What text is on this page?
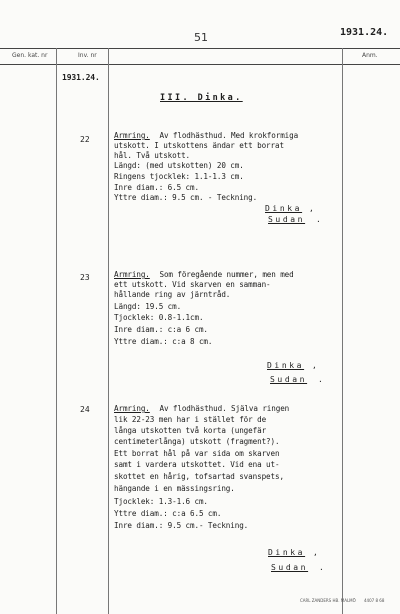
51	1931.24.
Gen. kat. nr	Inv. nr	Anm.
1931.24.
III. Dinka.
22	Armring. Av flodhästhud. Med krokformiga
utskott. I utskottens ändar ett borrat
hål. Två utskott.
Längd: (med utskotten) 20 cm.
Ringens tjocklek: 1.1-1.3 cm.
Inre diam.: 6.5 cm.
Yttre diam.: 9.5 cm. - Teckning.
Dinka ,
Sudan .
23	Armring. Som föregående nummer, men med
ett utskott. Vid skarven en samman-
hållande ring av järntråd.
Längd: 19.5 cm.
Tjocklek: 0.8-1.1cm.
Inre diam.: c:a 6 cm.
Yttre diam.: c:a 8 cm.
Dinka ,
Sudan .
24	Armring. Av flodhästhud. Själva ringen
lik 22-23 men har i stället för de
långa utskotten två korta (ungefär
centimeterlånga) utskott (fragment?).
Ett borrat hål på var sida om skarven
samt i vardera utskottet. Vid ena ut-
skottet en hårig, tofsartad svanspets,
hängande i en mässingsring.
Tjocklek: 1.3-1.6 cm.
Yttre diam.: c:a 6.5 cm.
Inre diam.: 9.5 cm.- Teckning.
Dinka ,
Sudan .
CARL ZANDERS HB. MALMÖ 4407 8 68
